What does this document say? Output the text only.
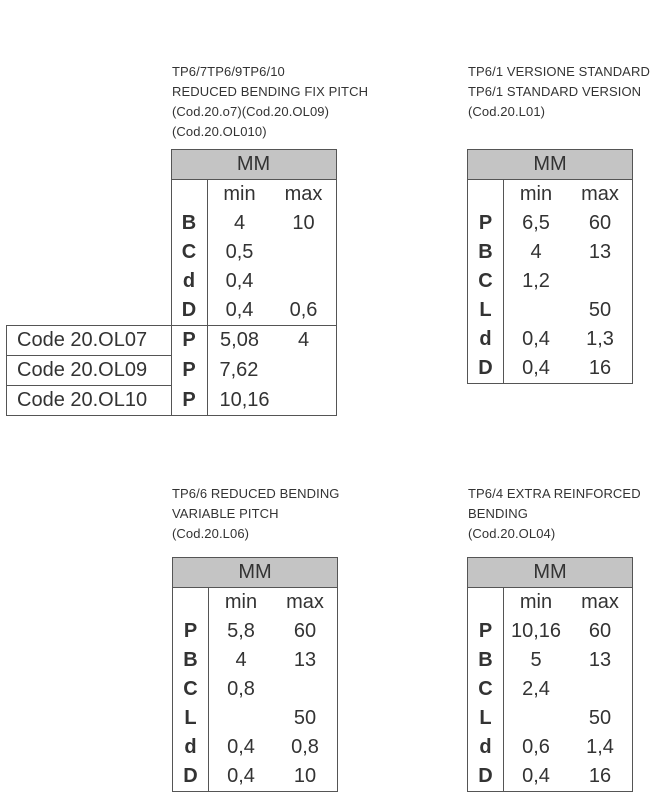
TP6/7TP6/9TP6/10
REDUCED BENDING FIX PITCH
(Cod.20.o7)(Cod.20.OL09)
(Cod.20.OL010)
	MM		
		min	max
	B	4	10
	C	0,5	
	d	0,4	
	D	0,4	0,6
Code 20.OL07	P	5,08	4
Code 20.OL09	P	7,62	
Code 20.OL10	P	10,16	
TP6/1 VERSIONE STANDARD
TP6/1 STANDARD VERSION
(Cod.20.L01)
MM		
	min	max
P	6,5	60
B	4	13
C	1,2	
L		50
d	0,4	1,3
D	0,4	16
TP6/6 REDUCED BENDING
VARIABLE PITCH
(Cod.20.L06)
MM		
	min	max
P	5,8	60
B	4	13
C	0,8	
L		50
d	0,4	0,8
D	0,4	10
TP6/4 EXTRA REINFORCED
BENDING
(Cod.20.OL04)
MM		
	min	max
P	10,16	60
B	5	13
C	2,4	
L		50
d	0,6	1,4
D	0,4	16
